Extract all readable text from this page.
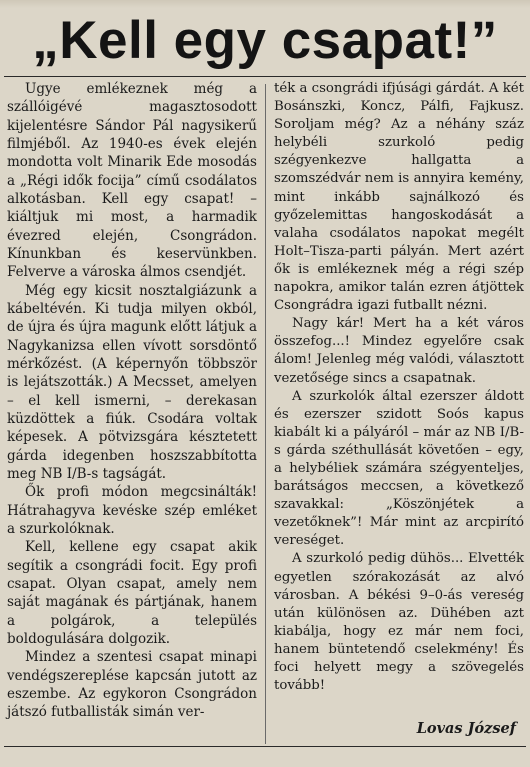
„Kell egy csapat!”

Ugye emlékeznek még a szállóigévé magasztosodott kijelentésre Sándor Pál nagysikerű filmjéből. Az 1940-es évek elején mondotta volt Minarik Ede mosodás a „Régi idők focija” című csodálatos alkotásban. Kell egy csapat! – kiáltjuk mi most, a harmadik évezred elején, Csongrádon. Kínunkban és keservünkben. Felverve a városka álmos csendjét.

Még egy kicsit nosztalgiázunk a kábeltévén. Ki tudja milyen okból, de újra és újra magunk előtt látjuk a Nagykanizsa ellen vívott sorsdöntő mérkőzést. (A képernyőn többször is lejátszották.) A Mecsset, amelyen – el kell ismerni, – derekasan küzdöttek a fiúk. Csodára voltak képesek. A pötvizsgára késztetett gárda idegenben hoszszabbította meg NB I/B-s tagságát.

Ők profi módon megcsinálták! Hátrahagyva kevéske szép emléket a szurkolóknak.

Kell, kellene egy csapat akik segítik a csongrádi focit. Egy profi csapat. Olyan csapat, amely nem saját magának és pártjának, hanem a polgárok, a település boldogulására dolgozik.

Mindez a szentesi csapat minapi vendégszereplése kapcsán jutott az eszembe. Az egykoron Csongrádon játszó futballisták simán ver-

ték a csongrádi ifjúsági gárdát. A két Bosánszki, Koncz, Pálfi, Fajkusz. Soroljam még? Az a néhány száz helybéli szurkoló pedig szégyenkezve hallgatta a szomszédvár nem is annyira kemény, mint inkább sajnálkozó és győzelemittas hangoskodását a valaha csodálatos napokat megélt Holt–Tisza-parti pályán. Mert azért ők is emlékeznek még a régi szép napokra, amikor talán ezren átjöttek Csongrádra igazi futballt nézni.

Nagy kár! Mert ha a két város összefog...! Mindez egyelőre csak álom! Jelenleg még valódi, választott vezetősége sincs a csapatnak.

A szurkolók által ezerszer áldott és ezerszer szidott Soós kapus kiabált ki a pályáról – már az NB I/B-s gárda széthullását követően – egy, a helybéliek számára szégyenteljes, barátságos meccsen, a következő szavakkal: „Köszönjétek a vezetőknek”! Már mint az arcpirító vereséget.

A szurkoló pedig dühös... Elvették egyetlen szórakozását az alvó városban. A békési 9–0-ás vereség után különösen az. Dühében azt kiabálja, hogy ez már nem foci, hanem büntetendő cselekmény! És foci helyett megy a szövegelés tovább!

Lovas József
